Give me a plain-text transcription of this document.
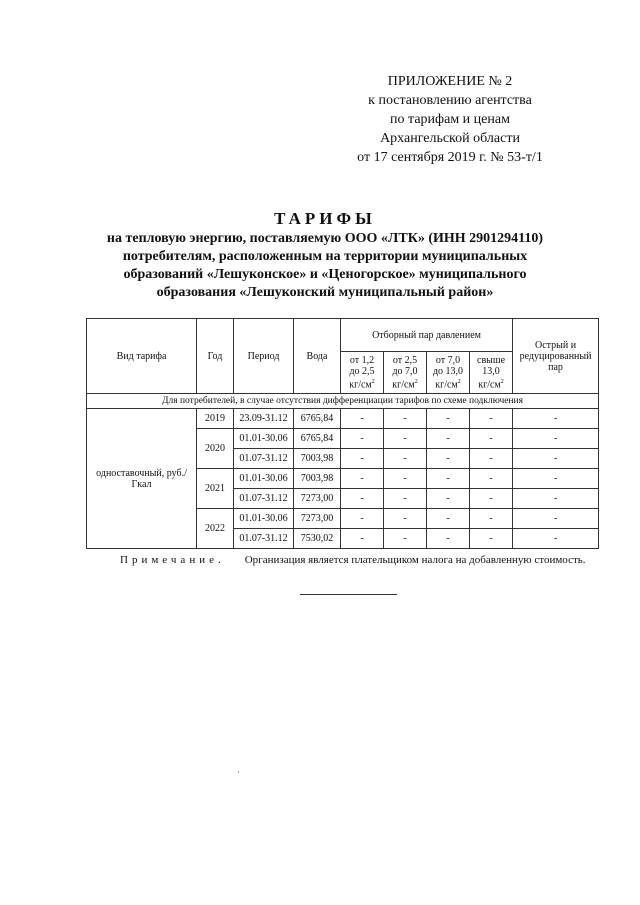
ПРИЛОЖЕНИЕ № 2
к постановлению агентства
по тарифам и ценам
Архангельской области
от 17 сентября 2019 г. № 53-т/1
ТАРИФЫ
на тепловую энергию, поставляемую ООО «ЛТК» (ИНН 2901294110)
потребителям, расположенным на территории муниципальных
образований «Лешуконское» и «Ценогорское» муниципального
образования «Лешуконский муниципальный район»
Вид тарифа	Год	Период	Вода	Отборный пар давлением				Острый и редуцированный пар
				от 1,2
до 2,5
$кг/см^2$	от 2,5
до 7,0
$кг/см^2$	от 7,0
до 13,0
$кг/см^2$	свыше
13,0
$кг/см^2$
Для потребителей, в случае отсутствия дифференциации тарифов по схеме подключения								
одноставочный, руб./Гкал	2019	23.09-31.12	6765,84	-	-	-	-	-
	2020	01.01-30.06	6765,84	-	-	-	-	-
		01.07-31.12	7003,98	-	-	-	-	-
	2021	01.01-30.06	7003,98	-	-	-	-	-
		01.07-31.12	7273,00	-	-	-	-	-
	2022	01.01-30.06	7273,00	-	-	-	-	-
		01.07-31.12	7530,02	-	-	-	-	-
Примечание. Организация является плательщиком налога на добавленную стоимость.
